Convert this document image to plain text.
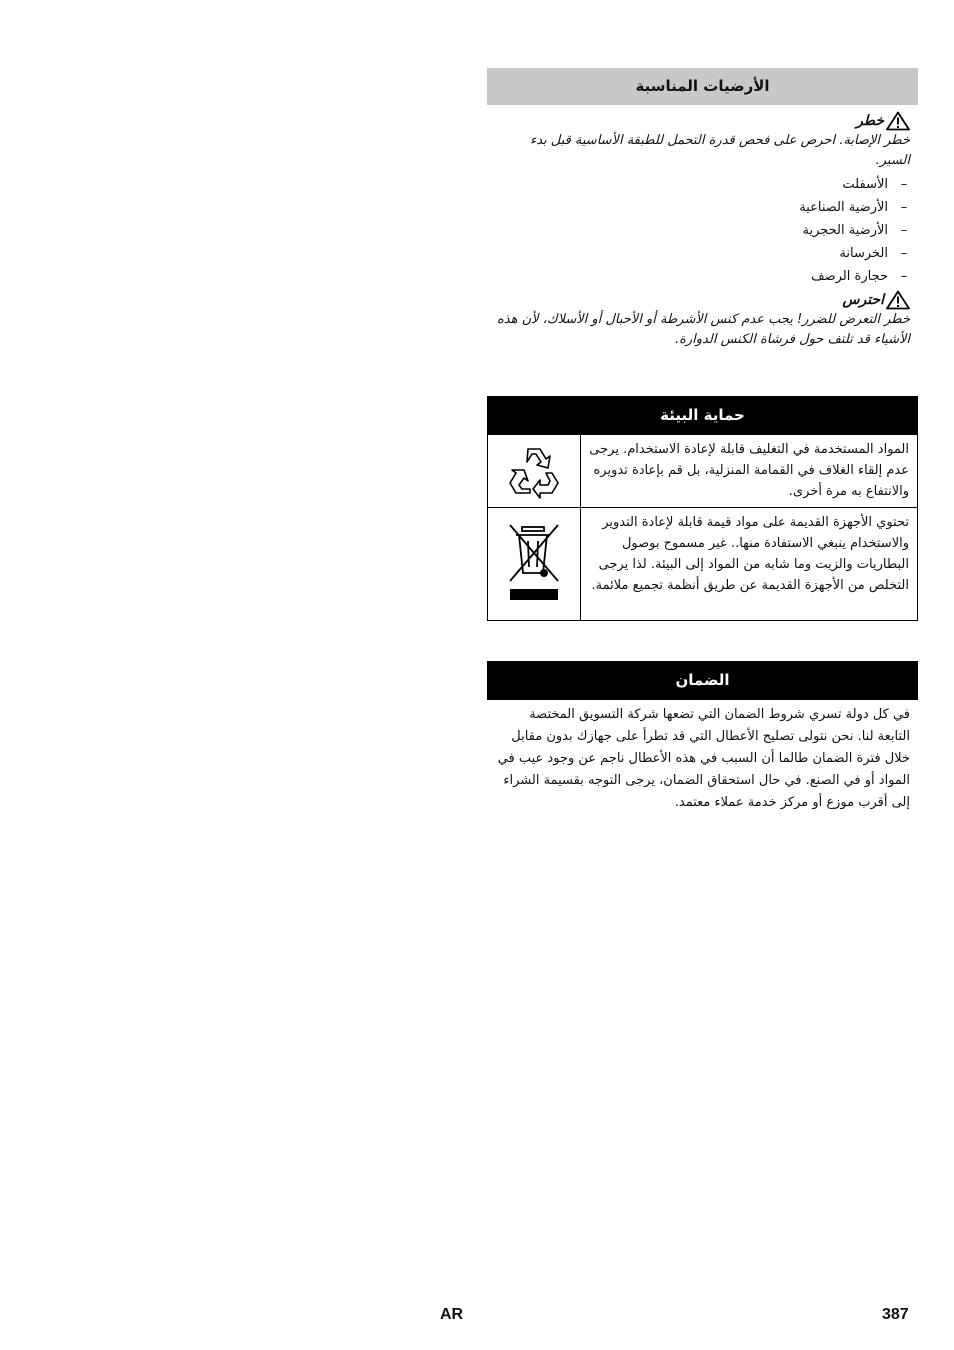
الأرضيات المناسبة
خطر
خطر الإصابة. احرص على فحص قدرة التحمل للطبقة الأساسية قبل بدء السير.
–
الأسفلت
–
الأرضية الصناعية
–
الأرضية الحجرية
–
الخرسانة
–
حجارة الرصف
احترس
خطر التعرض للضرر! يجب عدم كنس الأشرطة أو الأحبال أو الأسلاك، لأن هذه الأشياء قد تلتف حول فرشاة الكنس الدوارة.
حماية البيئة
المواد المستخدمة في التغليف قابلة لإعادة الاستخدام. يرجى عدم إلقاء الغلاف في القمامة المنزلية، بل قم بإعادة تدويره والانتفاع به مرة أخرى.
تحتوي الأجهزة القديمة على مواد قيمة قابلة لإعادة التدوير والاستخدام ينبغي الاستفادة منها.. غير مسموح بوصول البطاريات والزيت وما شابه من المواد إلى البيئة. لذا يرجى التخلص من الأجهزة القديمة عن طريق أنظمة تجميع ملائمة.
الضمان
في كل دولة تسري شروط الضمان التي تضعها شركة التسويق المختصة التابعة لنا. نحن نتولى تصليح الأعطال التي قد تطرأ على جهازك بدون مقابل خلال فترة الضمان طالما أن السبب في هذه الأعطال ناجم عن وجود عيب في المواد أو في الصنع. في حال استحقاق الضمان، يرجى التوجه بقسيمة الشراء إلى أقرب موزع أو مركز خدمة عملاء معتمد.
AR	387
